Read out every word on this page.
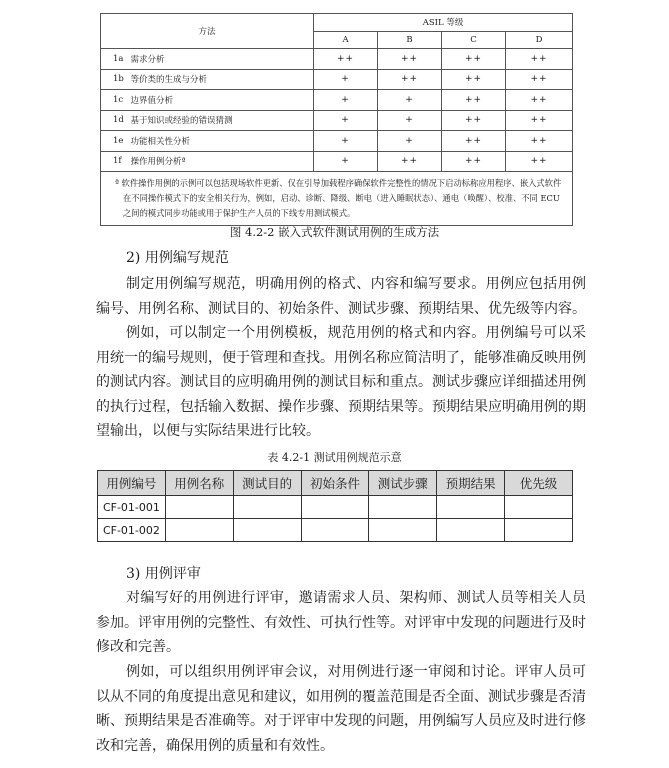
方法		ASIL 等级			
		A	B	C	D
1a	需求分析	++	++	++	++
1b	等价类的生成与分析	+	++	++	++
1c	边界值分析	+	+	++	++
1d	基于知识或经验的错误猜测	+	+	++	++
1e	功能相关性分析	+	+	++	++
1f	操作用例分析ª	+	++	++	++
ª 软件操作用例的示例可以包括现场软件更新、仅在引导加载程序确保软件完整性的情况下启动标称应用程序、嵌入式软件在不同操作模式下的安全相关行为，例如，启动、诊断、降级、断电（进入睡眠状态）、通电（唤醒）、校准、不同 ECU 之间的模式同步功能或用于保护生产人员的下线专用测试模式。					
图 4.2-2 嵌入式软件测试用例的生成方法
2) 用例编写规范

制定用例编写规范，明确用例的格式、内容和编写要求。用例应包括用例编号、用例名称、测试目的、初始条件、测试步骤、预期结果、优先级等内容。

例如，可以制定一个用例模板，规范用例的格式和内容。用例编号可以采用统一的编号规则，便于管理和查找。用例名称应简洁明了，能够准确反映用例的测试内容。测试目的应明确用例的测试目标和重点。测试步骤应详细描述用例的执行过程，包括输入数据、操作步骤、预期结果等。预期结果应明确用例的期望输出，以便与实际结果进行比较。

表 4.2-1 测试用例规范示意
用例编号	用例名称	测试目的	初始条件	测试步骤	预期结果	优先级
CF-01-001						
CF-01-002						
3) 用例评审

对编写好的用例进行评审，邀请需求人员、架构师、测试人员等相关人员参加。评审用例的完整性、有效性、可执行性等。对评审中发现的问题进行及时修改和完善。

例如，可以组织用例评审会议，对用例进行逐一审阅和讨论。评审人员可以从不同的角度提出意见和建议，如用例的覆盖范围是否全面、测试步骤是否清晰、预期结果是否准确等。对于评审中发现的问题，用例编写人员应及时进行修改和完善，确保用例的质量和有效性。
